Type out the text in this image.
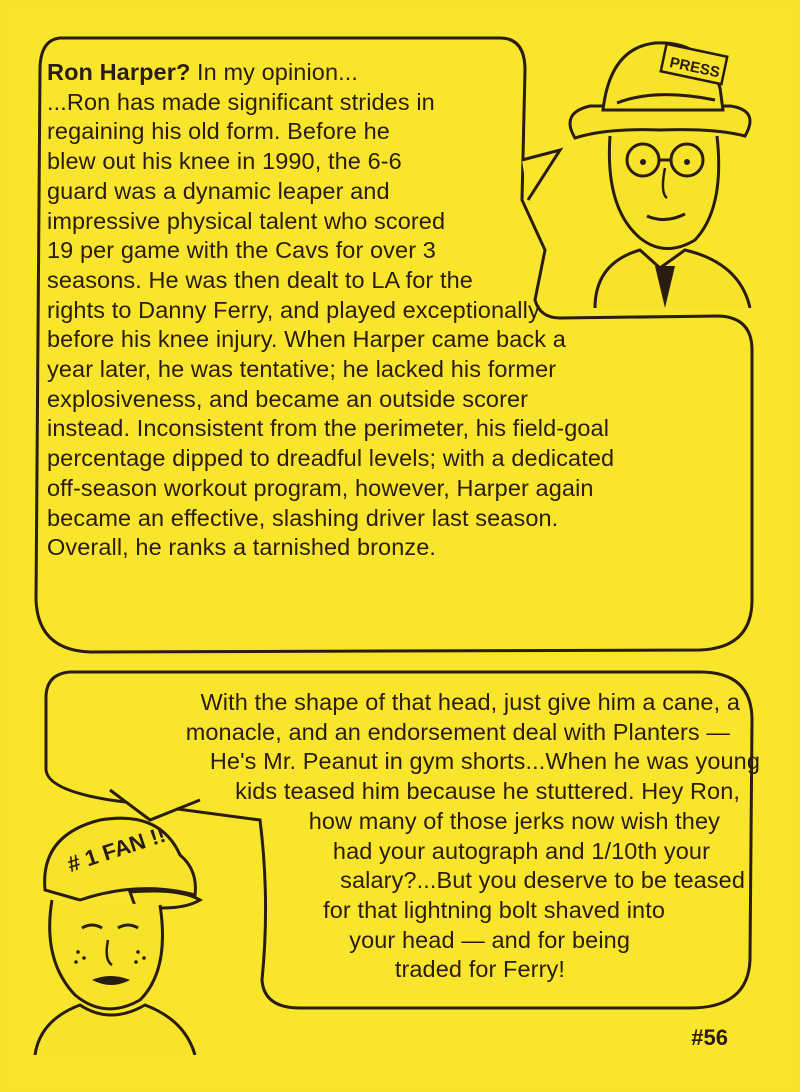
PRESS
# 1 FAN !!
Ron Harper? In my opinion...
...Ron has made significant strides in
regaining his old form. Before he
blew out his knee in 1990, the 6-6
guard was a dynamic leaper and
impressive physical talent who scored
19 per game with the Cavs for over 3
seasons. He was then dealt to LA for the
rights to Danny Ferry, and played exceptionally
before his knee injury. When Harper came back a
year later, he was tentative; he lacked his former
explosiveness, and became an outside scorer
instead. Inconsistent from the perimeter, his field-goal
percentage dipped to dreadful levels; with a dedicated
off-season workout program, however, Harper again
became an effective, slashing driver last season.
Overall, he ranks a tarnished bronze.
With the shape of that head, just give him a cane, a
monacle, and an endorsement deal with Planters —
He's Mr. Peanut in gym shorts...When he was young
kids teased him because he stuttered. Hey Ron,
how many of those jerks now wish they
had your autograph and 1/10th your
salary?...But you deserve to be teased
for that lightning bolt shaved into
your head — and for being
traded for Ferry!
#56
